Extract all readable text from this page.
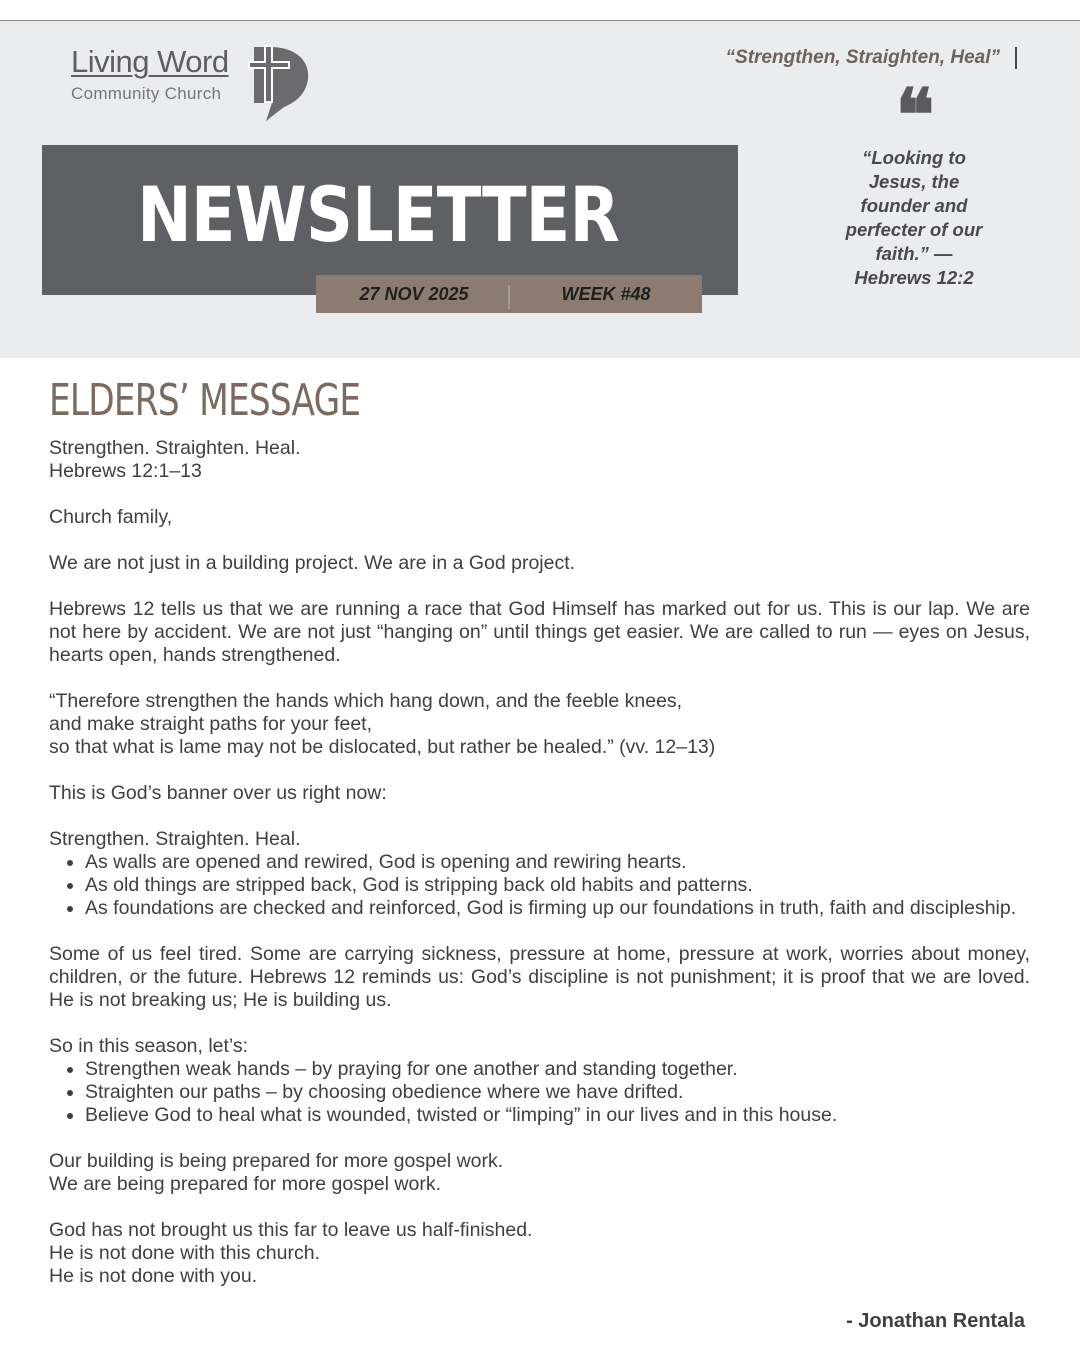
Living Word
Community Church
“Strengthen, Straighten, Heal”
❝
“Looking to Jesus, the founder and perfecter of our faith.” — Hebrews 12:2
NEWSLETTER
27 NOV 2025	WEEK #48
ELDERS’ MESSAGE

Strengthen. Straighten. Heal.

Hebrews 12:1–13

Church family,

We are not just in a building project. We are in a God project.

Hebrews 12 tells us that we are running a race that God Himself has marked out for us. This is our lap. We are not here by accident. We are not just “hanging on” until things get easier. We are called to run — eyes on Jesus, hearts open, hands strengthened.

“Therefore strengthen the hands which hang down, and the feeble knees,

and make straight paths for your feet,

so that what is lame may not be dislocated, but rather be healed.” (vv. 12–13)

This is God’s banner over us right now:

Strengthen. Straighten. Heal.

• As walls are opened and rewired, God is opening and rewiring hearts.
• As old things are stripped back, God is stripping back old habits and patterns.
• As foundations are checked and reinforced, God is firming up our foundations in truth, faith and discipleship.

Some of us feel tired. Some are carrying sickness, pressure at home, pressure at work, worries about money, children, or the future. Hebrews 12 reminds us: God’s discipline is not punishment; it is proof that we are loved. He is not breaking us; He is building us.

So in this season, let’s:

• Strengthen weak hands – by praying for one another and standing together.
• Straighten our paths – by choosing obedience where we have drifted.
• Believe God to heal what is wounded, twisted or “limping” in our lives and in this house.

Our building is being prepared for more gospel work.

We are being prepared for more gospel work.

God has not brought us this far to leave us half-finished.

He is not done with this church.

He is not done with you.

- Jonathan Rentala
